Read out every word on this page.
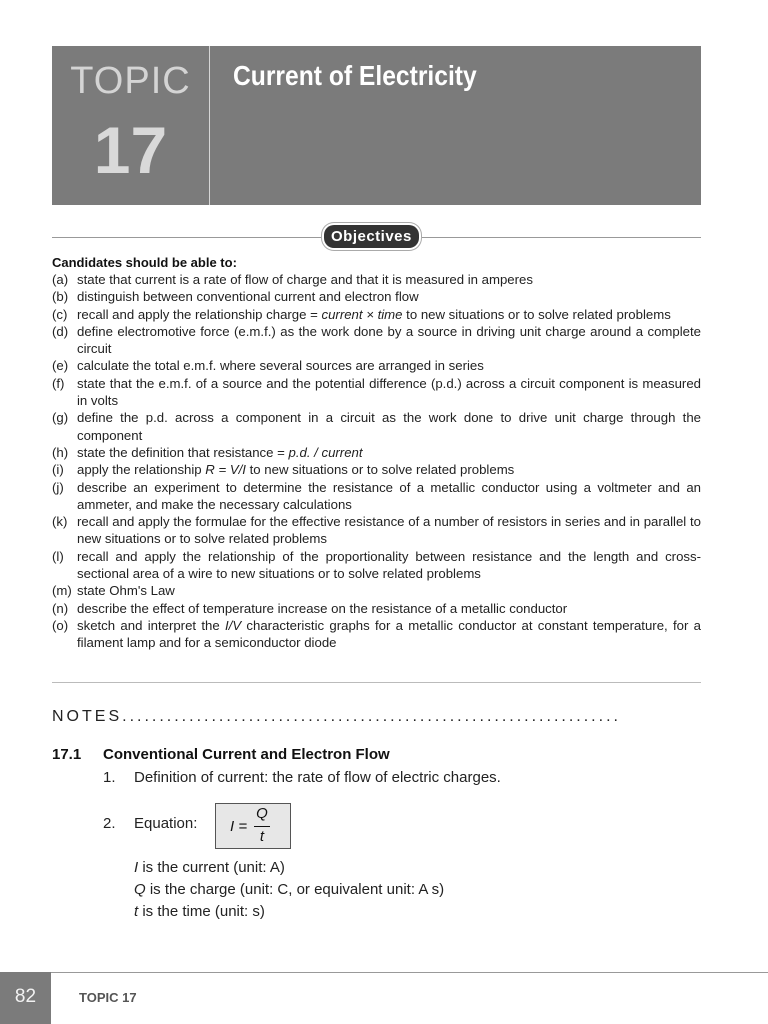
TOPIC
17
Current of Electricity
Objectives
Candidates should be able to:
(a) state that current is a rate of flow of charge and that it is measured in amperes
(b) distinguish between conventional current and electron flow
(c) recall and apply the relationship charge = current × time to new situations or to solve related problems
(d) define electromotive force (e.m.f.) as the work done by a source in driving unit charge around a complete circuit
(e) calculate the total e.m.f. where several sources are arranged in series
(f) state that the e.m.f. of a source and the potential difference (p.d.) across a circuit component is measured in volts
(g) define the p.d. across a component in a circuit as the work done to drive unit charge through the component
(h) state the definition that resistance = p.d. / current
(i)	apply the relationship R = V/I to new situations or to solve related problems
(j)	describe an experiment to determine the resistance of a metallic conductor using a voltmeter and an ammeter, and make the necessary calculations
(k) recall and apply the formulae for the effective resistance of a number of resistors in series and in parallel to new situations or to solve related problems
(l)	recall and apply the relationship of the proportionality between resistance and the length and cross-sectional area of a wire to new situations or to solve related problems
(m) state Ohm's Law
(n) describe the effect of temperature increase on the resistance of a metallic conductor
(o) sketch and interpret the I/V characteristic graphs for a metallic conductor at constant temperature, for a filament lamp and for a semiconductor diode
NOTES...................................................................
17.1 Conventional Current and Electron Flow
1. Definition of current: the rate of flow of electric charges.
2. Equation: I =
Q
t
I is the current (unit: A)
Q is the charge (unit: C, or equivalent unit: A s)
t is the time (unit: s)
82	TOPIC 17
